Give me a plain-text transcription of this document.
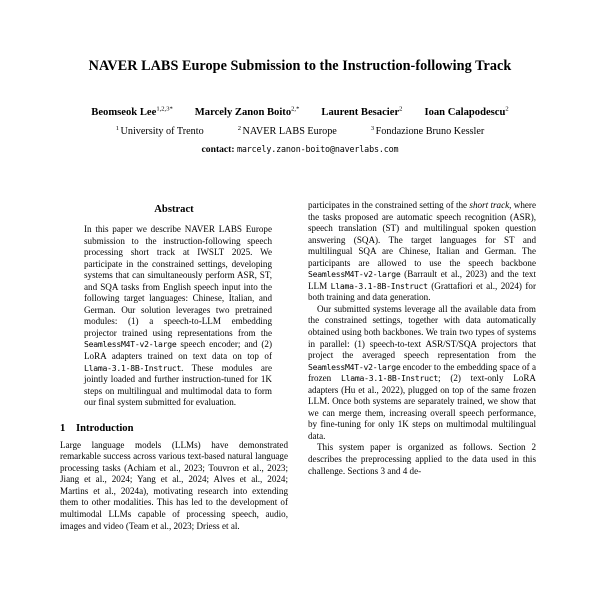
NAVER LABS Europe Submission to the Instruction-following Track
Beomseok Lee$^{1,2,3*}$ Marcely Zanon Boito$^{2,*}$ Laurent Besacier$^2$ Ioan Calapodescu$^2$
$^1$ University of Trento	$^2$ NAVER LABS Europe	$^3$ Fondazione Bruno Kessler
contact: marcely.zanon-boito@naverlabs.com
Abstract

In this paper we describe NAVER LABS Europe submission to the instruction-following speech processing short track at IWSLT 2025. We participate in the constrained settings, developing systems that can simultaneously perform ASR, ST, and SQA tasks from English speech input into the following target languages: Chinese, Italian, and German. Our solution leverages two pretrained modules: (1) a speech-to-LLM embedding projector trained using representations from the SeamlessM4T-v2-large speech encoder; and (2) LoRA adapters trained on text data on top of Llama-3.1-8B-Instruct. These modules are jointly loaded and further instruction-tuned for 1K steps on multilingual and multimodal data to form our final system submitted for evaluation.

1 Introduction

Large language models (LLMs) have demonstrated remarkable success across various text-based natural language processing tasks (Achiam et al., 2023; Touvron et al., 2023; Jiang et al., 2024; Yang et al., 2024; Alves et al., 2024; Martins et al., 2024a), motivating research into extending them to other modalities. This has led to the development of multimodal LLMs capable of processing speech, audio, images and video (Team et al., 2023; Driess et al.

participates in the constrained setting of the short track, where the tasks proposed are automatic speech recognition (ASR), speech translation (ST) and multilingual spoken question answering (SQA). The target languages for ST and multilingual SQA are Chinese, Italian and German. The participants are allowed to use the speech backbone SeamlessM4T-v2-large (Barrault et al., 2023) and the text LLM Llama-3.1-8B-Instruct (Grattafiori et al., 2024) for both training and data generation.

Our submitted systems leverage all the available data from the constrained settings, together with data automatically obtained using both backbones. We train two types of systems in parallel: (1) speech-to-text ASR/ST/SQA projectors that project the averaged speech representation from the SeamlessM4T-v2-large encoder to the embedding space of a frozen Llama-3.1-8B-Instruct; (2) text-only LoRA adapters (Hu et al., 2022), plugged on top of the same frozen LLM. Once both systems are separately trained, we show that we can merge them, increasing overall speech performance, by fine-tuning for only 1K steps on multimodal multilingual data.

This system paper is organized as follows. Section 2 describes the preprocessing applied to the data used in this challenge. Sections 3 and 4 de-
